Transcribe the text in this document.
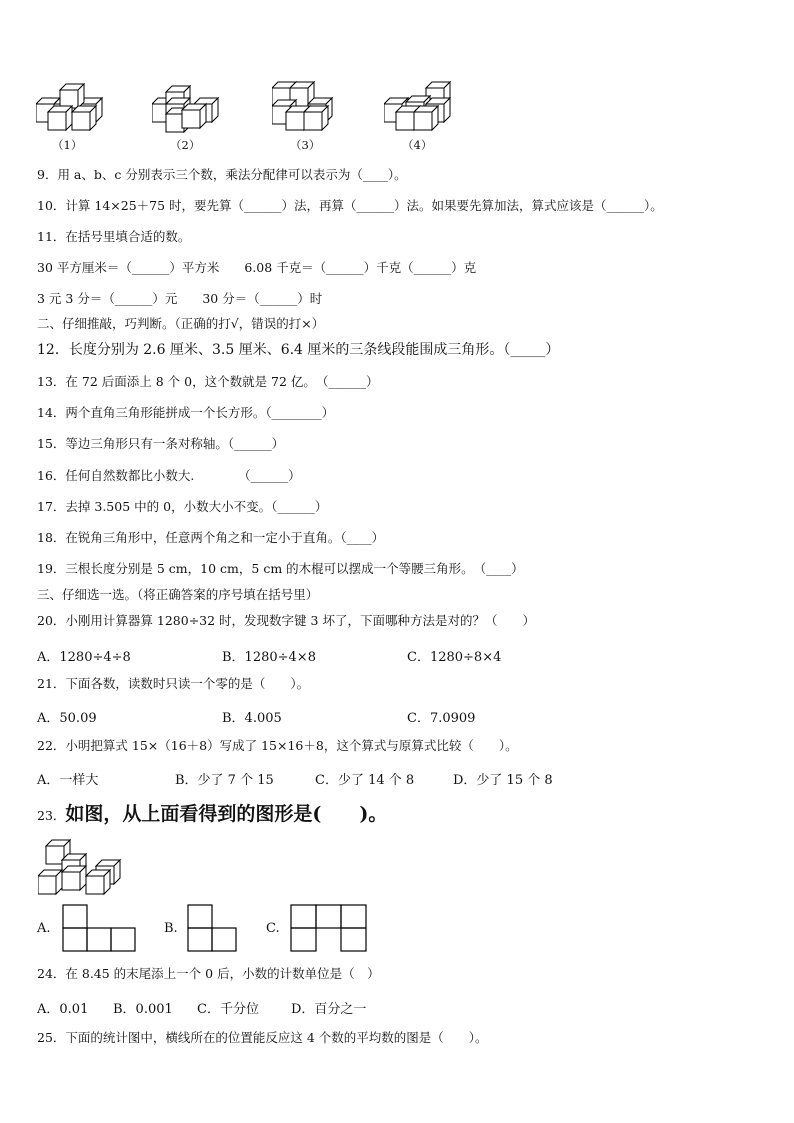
（1）	（2）	（3）	（4）
9．用 a、b、c 分别表示三个数，乘法分配律可以表示为（____）。
10．计算 14×25＋75 时，要先算（______）法，再算（______）法。如果要先算加法，算式应该是（______）。
11．在括号里填合适的数。
30 平方厘米＝（______）平方米　　6.08 千克＝（______）千克（______）克
3 元 3 分＝（______）元　　30 分＝（______）时
二、仔细推敲，巧判断。（正确的打√，错误的打×）
12．长度分别为 2.6 厘米、3.5 厘米、6.4 厘米的三条线段能围成三角形。（_____）
13．在 72 后面添上 8 个 0，这个数就是 72 亿。　（______）
14．两个直角三角形能拼成一个长方形。（________）
15．等边三角形只有一条对称轴。（______）
16．任何自然数都比小数大.　　　　（______）
17．去掉 3.505 中的 0，小数大小不变。（______）
18．在锐角三角形中，任意两个角之和一定小于直角。（____）
19．三根长度分别是 5 cm，10 cm，5 cm 的木棍可以摆成一个等腰三角形。　（____）
三、仔细选一选。（将正确答案的序号填在括号里）
20．小刚用计算器算 1280÷32 时，发现数字键 3 坏了，下面哪种方法是对的？（　　）
A．1280÷4÷8	B．1280÷4×8	C．1280÷8×4
21．下面各数，读数时只读一个零的是（　　）。
A．50.09	B．4.005	C．7.0909
22．小明把算式 15×（16＋8）写成了 15×16＋8，这个算式与原算式比较（　　）。
A．一样大	B．少了 7 个 15	C．少了 14 个 8	D．少了 15 个 8
23．如图，从上面看得到的图形是(　　)。
A.	B.	C.
24．在 8.45 的末尾添上一个 0 后，小数的计数单位是（　）
A．0.01 B．0.001 C．千分位 D．百分之一
25．下面的统计图中，横线所在的位置能反应这 4 个数的平均数的图是（　　）。
